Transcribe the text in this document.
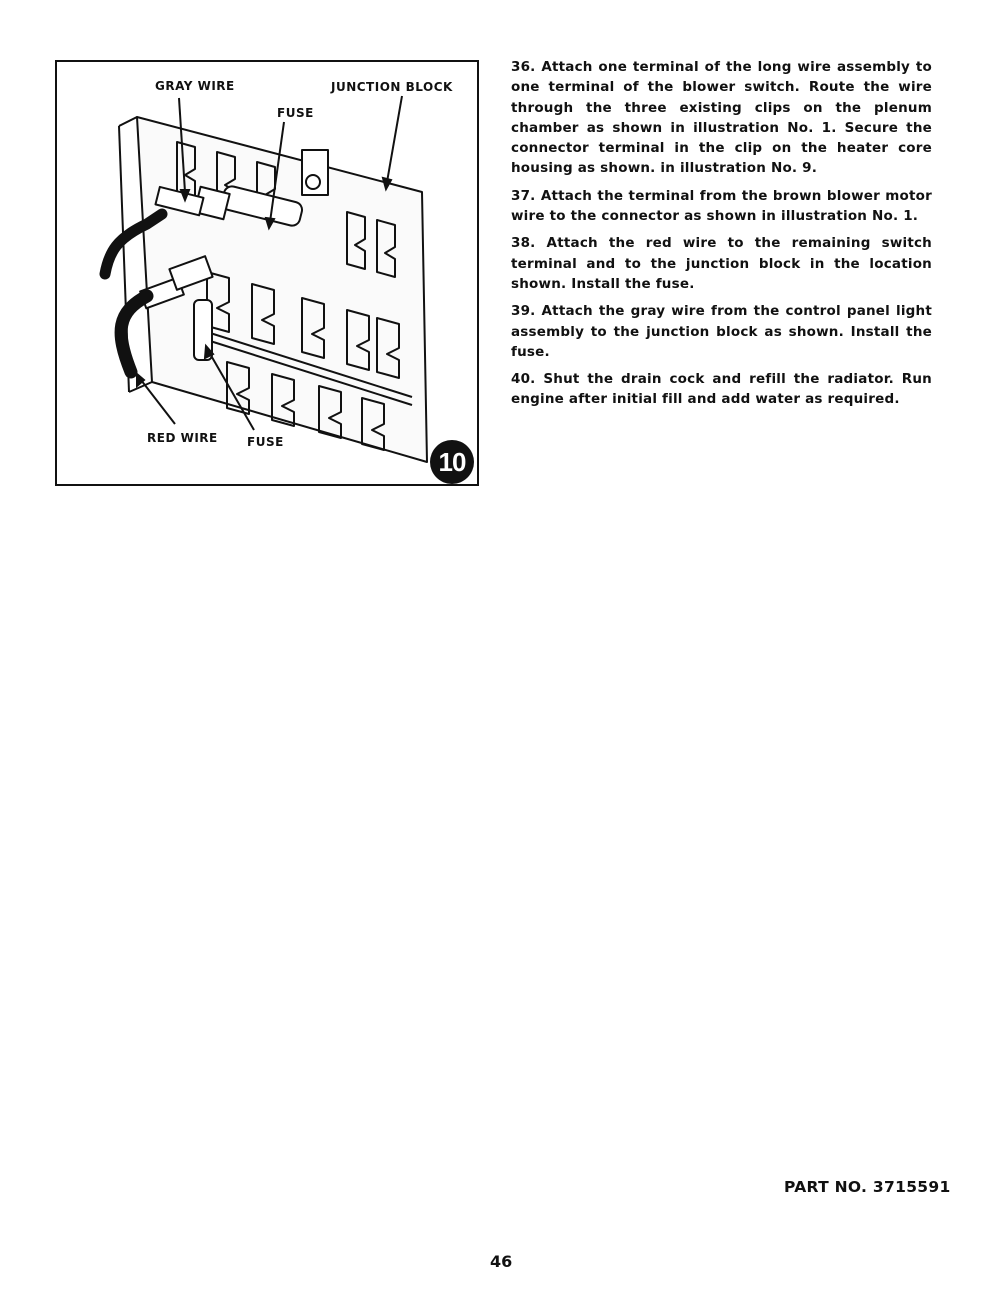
GRAY WIRE	JUNCTION BLOCK
FUSE
RED WIRE FUSE
10

36. Attach one terminal of the long wire assembly to one terminal of the blower switch. Route the wire through the three existing clips on the plenum chamber as shown in illustration No. 1. Secure the connector terminal in the clip on the heater core housing as shown. in illustration No. 9.

37. Attach the terminal from the brown blower motor wire to the connector as shown in illustration No. 1.

38. Attach the red wire to the remaining switch terminal and to the junction block in the location shown. Install the fuse.

39. Attach the gray wire from the control panel light assembly to the junction block as shown. Install the fuse.

40. Shut the drain cock and refill the radiator. Run engine after initial fill and add water as required.

PART NO. 3715591
46
